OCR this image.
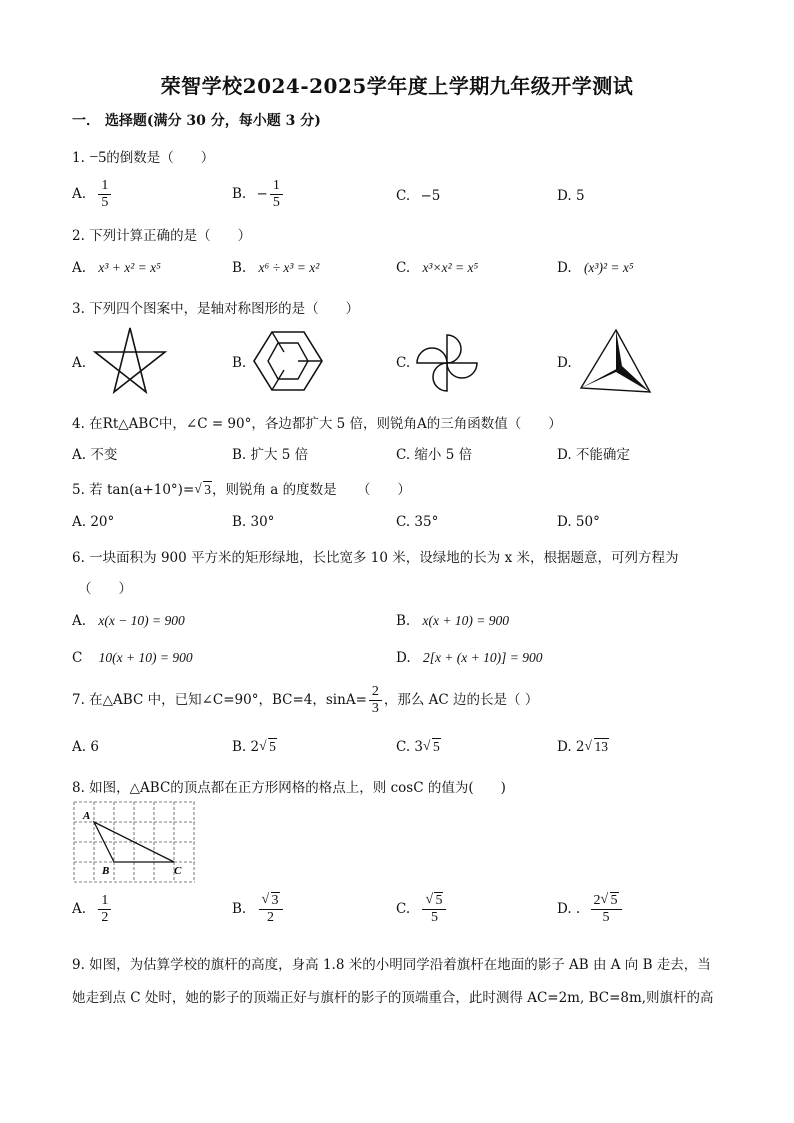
荣智学校2024-2025学年度上学期九年级开学测试
一． 选择题(满分 30 分，每小题 3 分)
1. −5的倒数是（　　）
A. $\frac{1}{5}$	B. − $\frac{1}{5}$	C. −5	D. 5
2. 下列计算正确的是（　　）
A. x³ + x² = x⁵	B. x⁶ ÷ x³ = x²	C. x³×x² = x⁵	D. (x³)² = x⁵
3. 下列四个图案中，是轴对称图形的是（　　）
A.	B.	C.	D.
4. 在Rt△ABC中，∠C = 90°，各边都扩大 5 倍，则锐角A的三角函数值（　　）
A. 不变	B. 扩大 5 倍	C. 缩小 5 倍	D. 不能确定
5. 若 tan(a+10°)= √ 3，则锐角 a 的度数是　　（　　）
A. 20°	B. 30°	C. 35°	D. 50°
6. 一块面积为 900 平方米的矩形绿地，长比宽多 10 米，设绿地的长为 x 米，根据题意，可列方程为
（　　）
A. x(x − 10) = 900	B. x(x + 10) = 900
C 10(x + 10) = 900	D. 2[x + (x + 10)] = 900
7. 在△ABC 中，已知∠C=90°，BC=4，$\sin A= \frac{2}{3}$ ，那么 AC 边的长是（ ）
A. 6	B. 2 √ 5	C. 3 √ 5	D. 2 √ 13
8. 如图，△ABC的顶点都在正方形网格的格点上，则 cosC 的值为(　　)
A
B	C
A. $\frac{1}{2}$	B. √ $\frac{3}{2}$	C. √ $\frac{5}{5}$	D. . $\frac{2 √ 5}{5}$
9. 如图，为估算学校的旗杆的高度，身高 1.8 米的小明同学沿着旗杆在地面的影子 AB 由 A 向 B 走去，当
她走到点 C 处时，她的影子的顶端正好与旗杆的影子的顶端重合，此时测得 AC=2m, BC=8m,则旗杆的高
